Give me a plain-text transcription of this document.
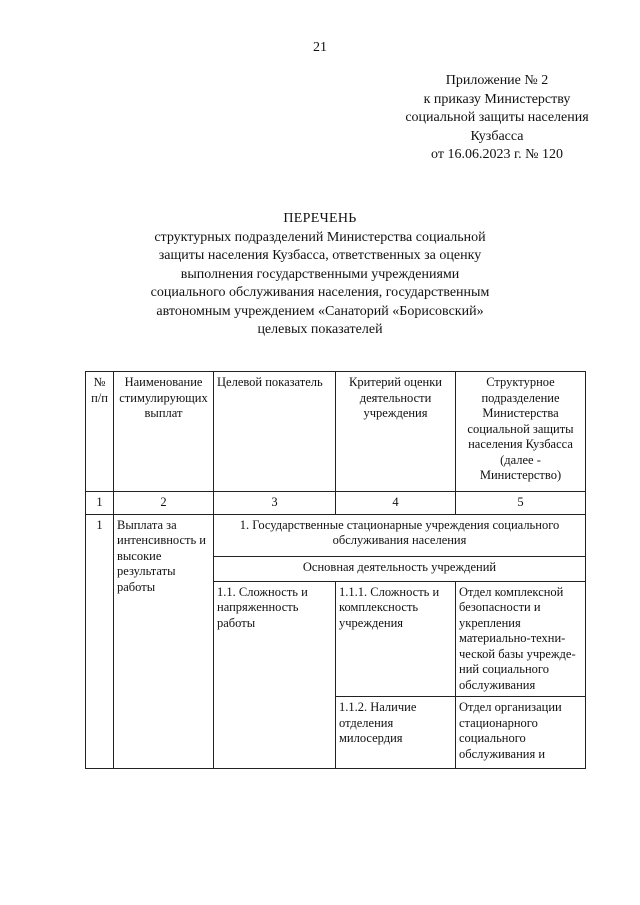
21
Приложение № 2
к приказу Министерству
социальной защиты населения
Кузбасса
от 16.06.2023 г. № 120
ПЕРЕЧЕНЬ
структурных подразделений Министерства социальной
защиты населения Кузбасса, ответственных за оценку
выполнения государственными учреждениями
социального обслуживания населения, государственным
автономным учреждением «Санаторий «Борисовский»
целевых показателей
№ п/п	Наименование стимулирующих выплат	Целевой показатель	Критерий оценки деятельности учреждения	Структурное подразделение Министерства социальной защиты населения Кузбасса (далее - Министерство)
1	2	3	4	5
1	Выплата за интенсивность и высокие результаты работы	1. Государственные стационарные учреждения социального обслуживания населения		
		Основная деятельность учреждений		
		1.1. Сложность и напряженность работы	1.1.1. Сложность и комплексность учреждения	Отдел комплексной безопасности и укрепления материально-техни-ческой базы учрежде-ний социального обслуживания
			1.1.2. Наличие отделения милосердия	Отдел организации стационарного социального обслуживания и
